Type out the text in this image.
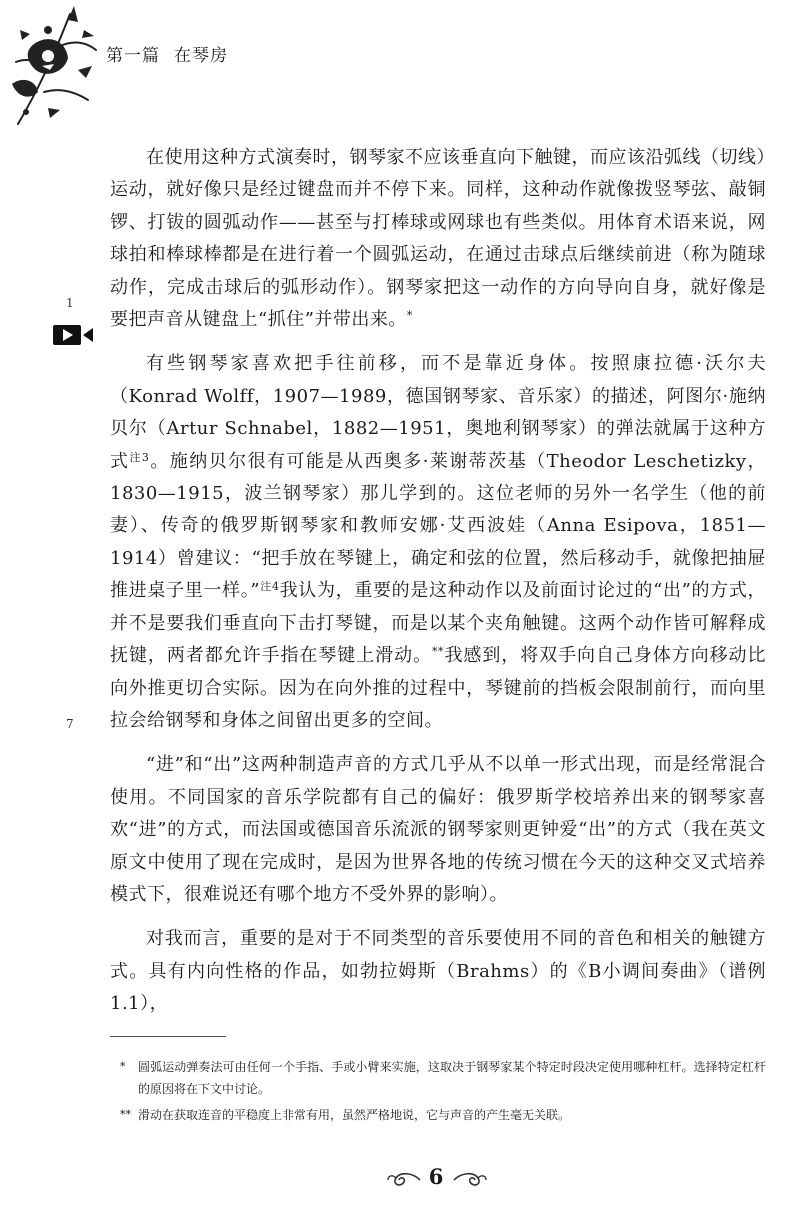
第一篇 在琴房
1
7

在使用这种方式演奏时，钢琴家不应该垂直向下触键，而应该沿弧线（切线）运动，就好像只是经过键盘而并不停下来。同样，这种动作就像拨竖琴弦、敲铜锣、打钹的圆弧动作——甚至与打棒球或网球也有些类似。用体育术语来说，网球拍和棒球棒都是在进行着一个圆弧运动，在通过击球点后继续前进（称为随球动作，完成击球后的弧形动作）。钢琴家把这一动作的方向导向自身，就好像是要把声音从键盘上“抓住”并带出来。*

有些钢琴家喜欢把手往前移，而不是靠近身体。按照康拉德·沃尔夫（Konrad Wolff，1907—1989，德国钢琴家、音乐家）的描述，阿图尔·施纳贝尔（Artur Schnabel，1882—1951，奥地利钢琴家）的弹法就属于这种方式$^{注3}$。施纳贝尔很有可能是从西奥多·莱谢蒂茨基（Theodor Leschetizky，1830—1915，波兰钢琴家）那儿学到的。这位老师的另外一名学生（他的前妻）、传奇的俄罗斯钢琴家和教师安娜·艾西波娃（Anna Esipova，1851—1914）曾建议：“把手放在琴键上，确定和弦的位置，然后移动手，就像把抽屉推进桌子里一样。”$^{注4}$我认为，重要的是这种动作以及前面讨论过的“出”的方式，并不是要我们垂直向下击打琴键，而是以某个夹角触键。这两个动作皆可解释成抚键，两者都允许手指在琴键上滑动。**我感到，将双手向自己身体方向移动比向外推更切合实际。因为在向外推的过程中，琴键前的挡板会限制前行，而向里拉会给钢琴和身体之间留出更多的空间。

“进”和“出”这两种制造声音的方式几乎从不以单一形式出现，而是经常混合使用。不同国家的音乐学院都有自己的偏好：俄罗斯学校培养出来的钢琴家喜欢“进”的方式，而法国或德国音乐流派的钢琴家则更钟爱“出”的方式（我在英文原文中使用了现在完成时，是因为世界各地的传统习惯在今天的这种交叉式培养模式下，很难说还有哪个地方不受外界的影响）。

对我而言，重要的是对于不同类型的音乐要使用不同的音色和相关的触键方式。具有内向性格的作品，如勃拉姆斯（Brahms）的《B小调间奏曲》（谱例1.1），

* 圆弧运动弹奏法可由任何一个手指、手或小臂来实施，这取决于钢琴家某个特定时段决定使用哪种杠杆。选择特定杠杆的原因将在下文中讨论。
** 滑动在获取连音的平稳度上非常有用，虽然严格地说，它与声音的产生毫无关联。
6
